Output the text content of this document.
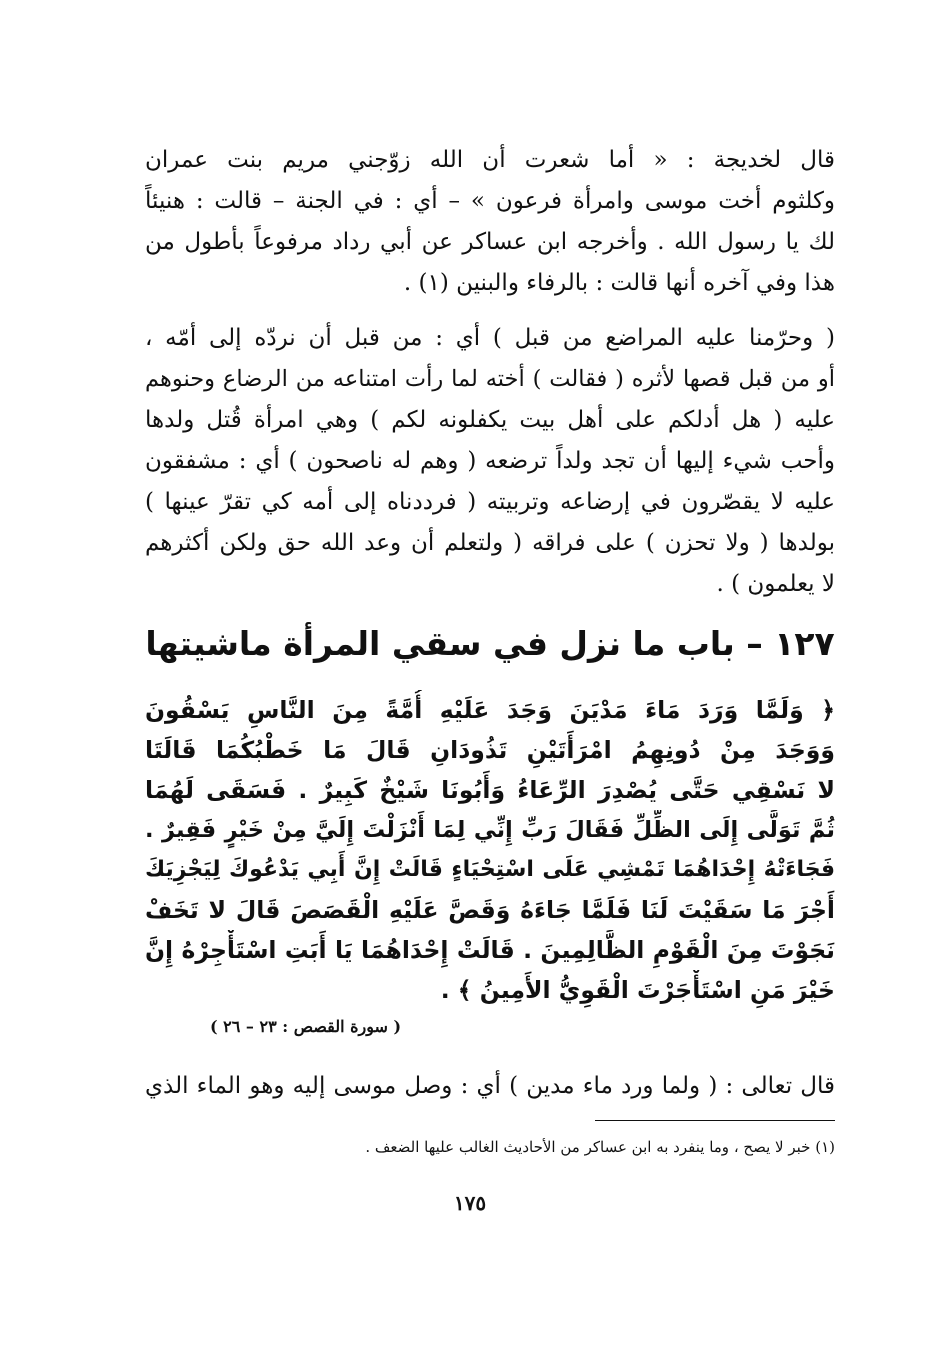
قال لخديجة : « أما شعرت أن الله زوّجني مريم بنت عمران
وكلثوم أخت موسى وامرأة فرعون » – أي : في الجنة – قالت : هنيئاً
لك يا رسول الله . وأخرجه ابن عساكر عن أبي رداد مرفوعاً بأطول من
هذا وفي آخره أنها قالت : بالرفاء والبنين (١) .
( وحرّمنا عليه المراضع من قبل ) أي : من قبل أن نردّه إلى أمّه ،
أو من قبل قصها لأثره ( فقالت ) أخته لما رأت امتناعه من الرضاع وحنوهم
عليه ( هل أدلكم على أهل بيت يكفلونه لكم ) وهي امرأة قُتل ولدها
وأحب شيء إليها أن تجد ولداً ترضعه ( وهم له ناصحون ) أي : مشفقون
عليه لا يقصّرون في إرضاعه وتربيته ( فرددناه إلى أمه كي تقرّ عينها )
بولدها ( ولا تحزن ) على فراقه ( ولتعلم أن وعد الله حق ولكن أكثرهم
لا يعلمون ) .
١٢٧ – باب ما نزل في سقي المرأة ماشيتها
﴿ وَلَمَّا وَرَدَ مَاءَ مَدْيَنَ وَجَدَ عَلَيْهِ أُمَّةً مِنَ النَّاسِ يَسْقُونَ
وَوَجَدَ مِنْ دُونِهِمُ امْرَأَتَيْنِ تَذُودَانِ قَالَ مَا خَطْبُكُمَا قَالَتَا
لا نَسْقِي حَتَّى يُصْدِرَ الرِّعَاءُ وَأَبُونَا شَيْخٌ كَبِيرٌ . فَسَقَى لَهُمَا
ثُمَّ تَوَلَّى إِلَى الظِّلِّ فَقَالَ رَبِّ إِنِّي لِمَا أَنْزَلْتَ إِلَيَّ مِنْ خَيْرٍ فَقِيرٌ .
فَجَاءَتْهُ إِحْدَاهُمَا تَمْشِي عَلَى اسْتِحْيَاءٍ قَالَتْ إِنَّ أَبِي يَدْعُوكَ لِيَجْزِيَكَ
أَجْرَ مَا سَقَيْتَ لَنَا فَلَمَّا جَاءَهُ وَقَصَّ عَلَيْهِ الْقَصَصَ قَالَ لا تَخَفْ
نَجَوْتَ مِنَ الْقَوْمِ الظَّالِمِينَ . قَالَتْ إِحْدَاهُمَا يَا أَبَتِ اسْتَأْجِرْهُ إِنَّ
خَيْرَ مَنِ اسْتَأْجَرْتَ الْقَوِيُّ الأَمِينُ ﴾ .
( سورة القصص : ٢٣ – ٢٦ )
قال تعالى : ( ولما ورد ماء مدين ) أي : وصل موسى إليه وهو الماء الذي
(١) خبر لا يصح ، وما ينفرد به ابن عساكر من الأحاديث الغالب عليها الضعف .
١٧٥
